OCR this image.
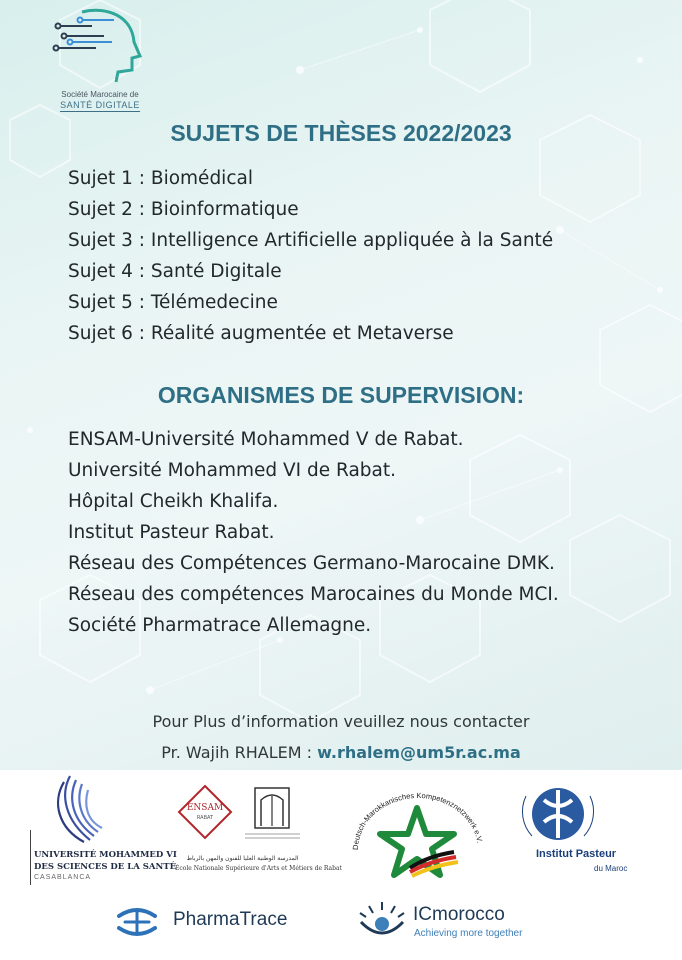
Société Marocaine de
SANTÉ DIGITALE
SUJETS DE THÈSES 2022/2023
Sujet 1 : Biomédical
Sujet 2 : Bioinformatique
Sujet 3 : Intelligence Artificielle appliquée à la Santé
Sujet 4 : Santé Digitale
Sujet 5 : Télémedecine
Sujet 6 : Réalité augmentée et Metaverse
ORGANISMES DE SUPERVISION:
ENSAM-Université Mohammed V de Rabat.
Université Mohammed VI de Rabat.
Hôpital Cheikh Khalifa.
Institut Pasteur Rabat.
Réseau des Compétences Germano-Marocaine DMK.
Réseau des compétences Marocaines du Monde MCI.
Société Pharmatrace Allemagne.
Pour Plus d’information veuillez nous contacter
Pr. Wajih RHALEM : w.rhalem@um5r.ac.ma
UNIVERSITÉ MOHAMMED VI
DES SCIENCES DE LA SANTÉ
CASABLANCA
ENSAM
RABAT
المدرسة الوطنية العليا للفنون والمهن بالرباط
École Nationale Supérieure d'Arts et Métiers de Rabat
Deutsch-Marokkanisches Kompetenznetzwerk e.V.
Institut Pasteur
du Maroc
PharmaTrace	ICmorocco
Achieving more together
